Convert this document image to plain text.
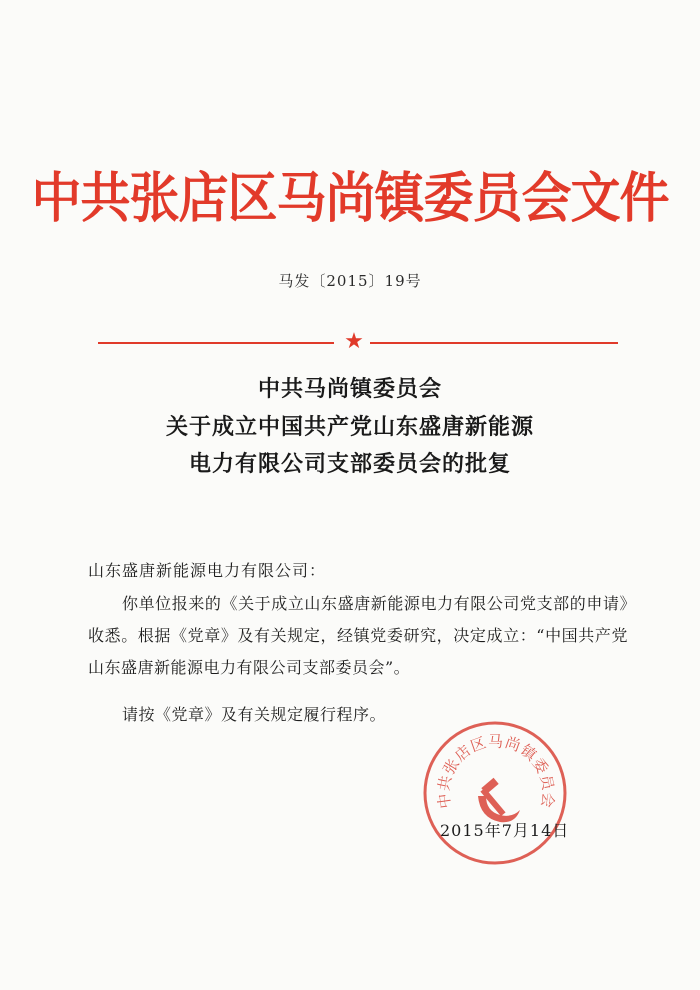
中共张店区马尚镇委员会文件
马发〔2015〕19号
★
中共马尚镇委员会
关于成立中国共产党山东盛唐新能源
电力有限公司支部委员会的批复
山东盛唐新能源电力有限公司：
你单位报来的《关于成立山东盛唐新能源电力有限公司党支部的申请》收悉。根据《党章》及有关规定，经镇党委研究，决定成立：“中国共产党山东盛唐新能源电力有限公司支部委员会”。
请按《党章》及有关规定履行程序。
中共张店区马尚镇委员会
2015年7月14日
